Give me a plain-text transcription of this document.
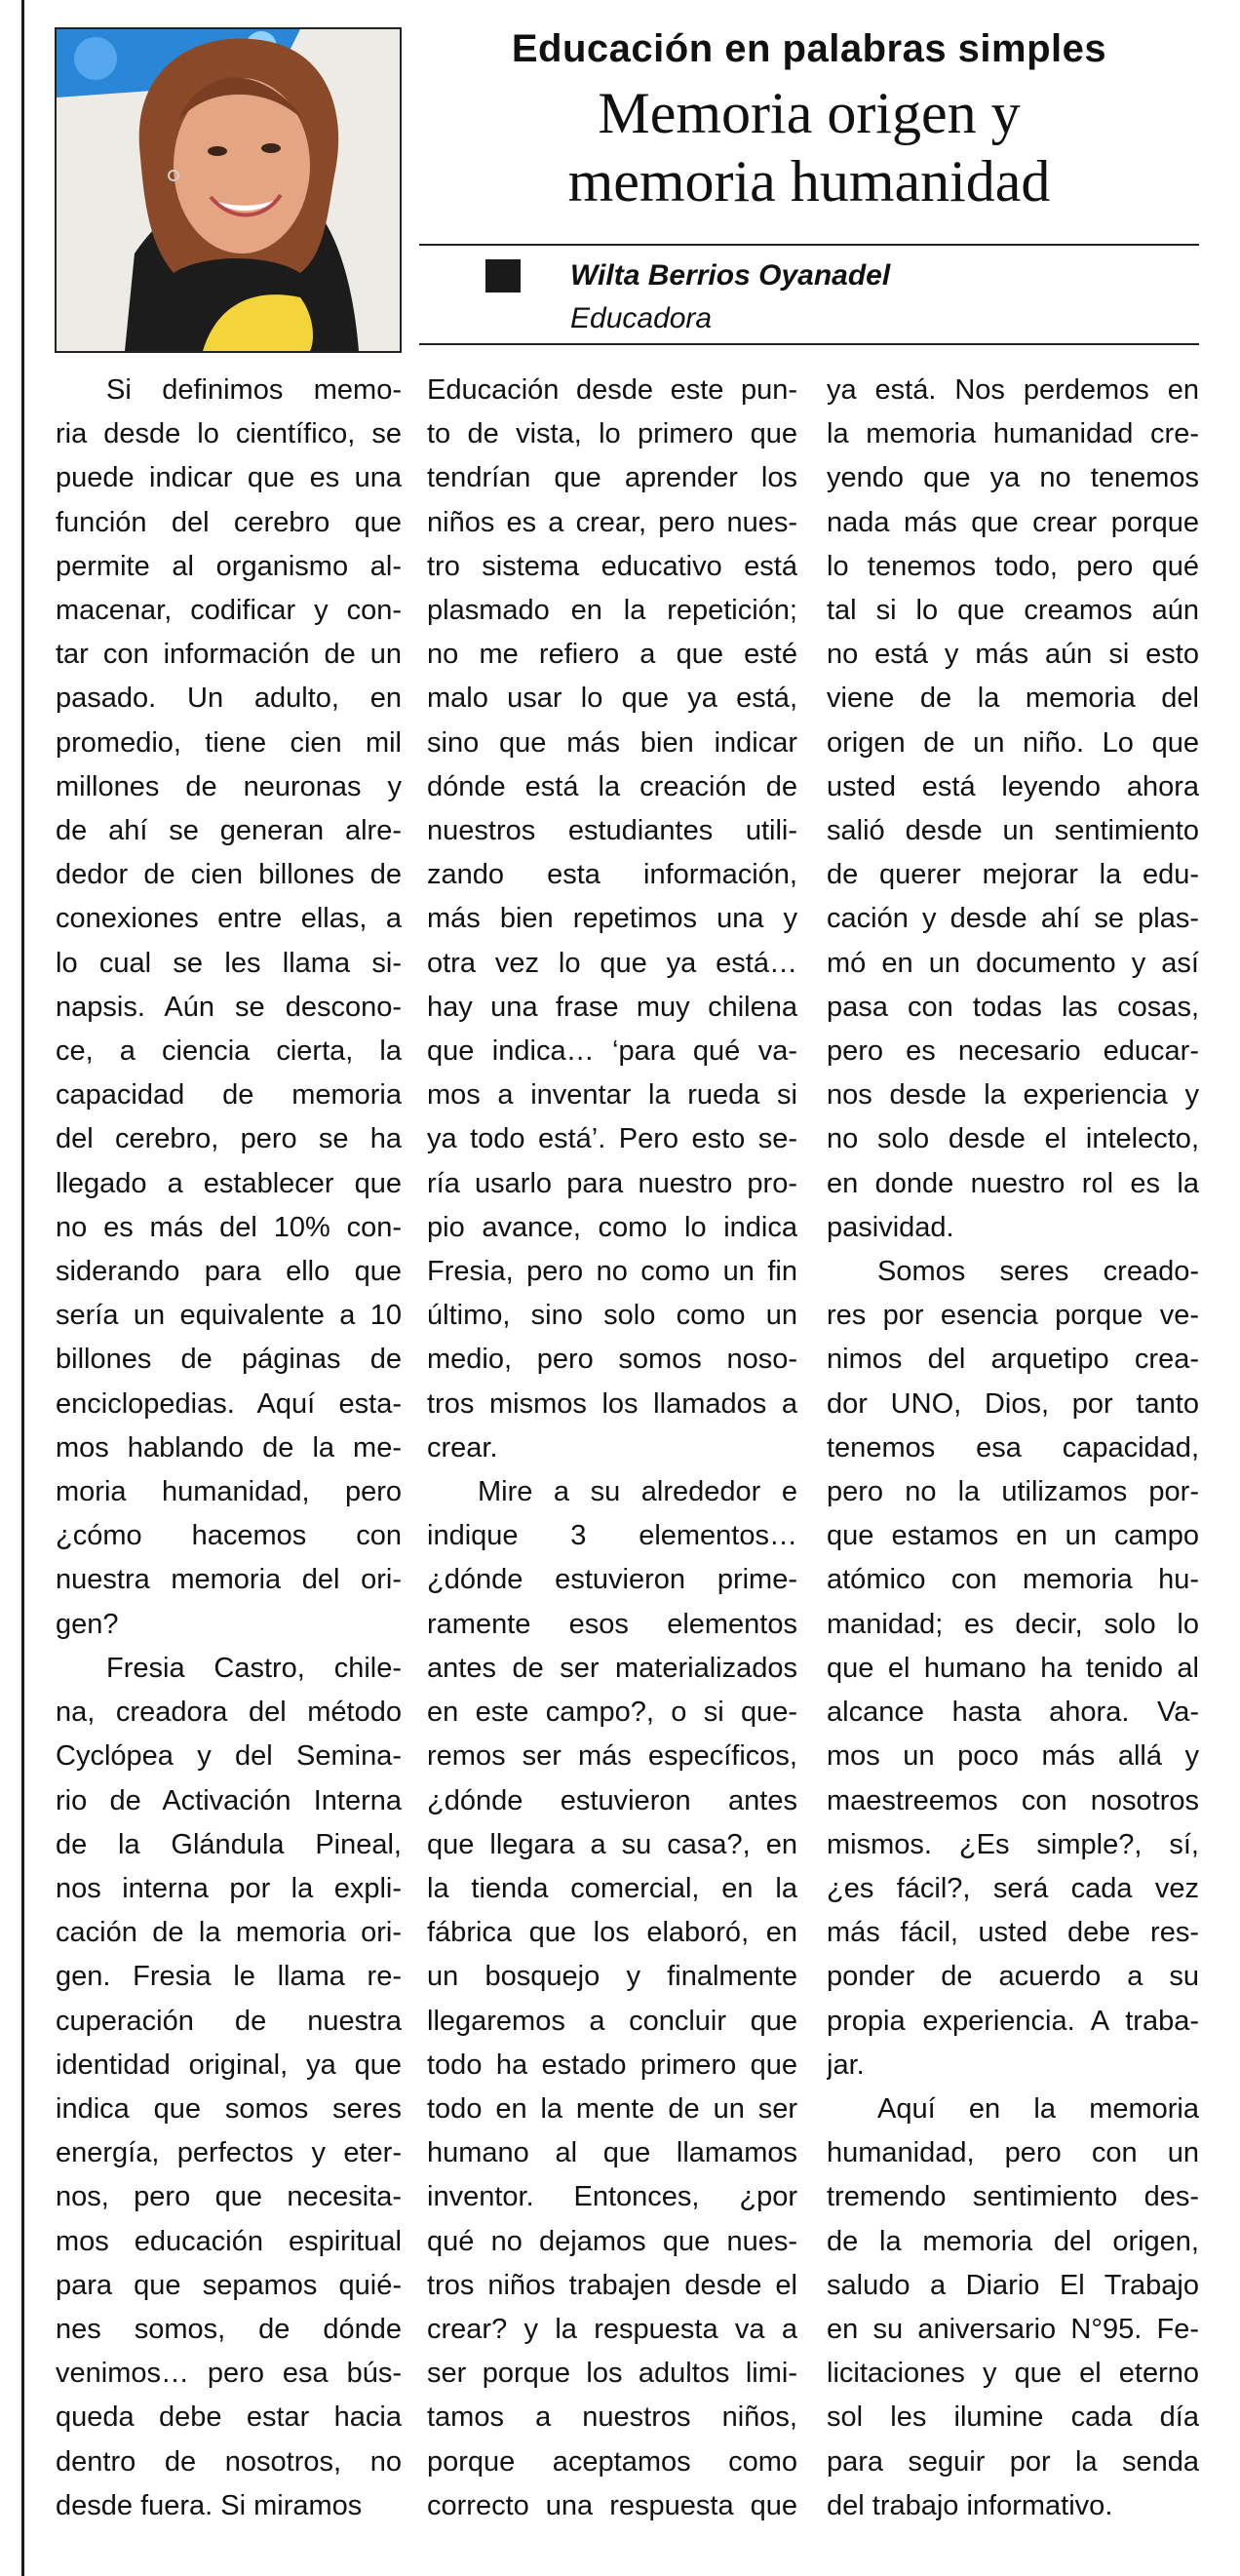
Educación en palabras simples
Memoria origen y
memoria humanidad
Wilta Berrios Oyanadel
Educadora
Si definimos memo-
ria desde lo científico, se
puede indicar que es una
función del cerebro que
permite al organismo al-
macenar, codificar y con-
tar con información de un
pasado. Un adulto, en
promedio, tiene cien mil
millones de neuronas y
de ahí se generan alre-
dedor de cien billones de
conexiones entre ellas, a
lo cual se les llama si-
napsis. Aún se descono-
ce, a ciencia cierta, la
capacidad de memoria
del cerebro, pero se ha
llegado a establecer que
no es más del 10% con-
siderando para ello que
sería un equivalente a 10
billones de páginas de
enciclopedias. Aquí esta-
mos hablando de la me-
moria humanidad, pero
¿cómo hacemos con
nuestra memoria del ori-
gen?
Fresia Castro, chile-
na, creadora del método
Cyclópea y del Semina-
rio de Activación Interna
de la Glándula Pineal,
nos interna por la expli-
cación de la memoria ori-
gen. Fresia le llama re-
cuperación de nuestra
identidad original, ya que
indica que somos seres
energía, perfectos y eter-
nos, pero que necesita-
mos educación espiritual
para que sepamos quié-
nes somos, de dónde
venimos… pero esa bús-
queda debe estar hacia
dentro de nosotros, no
desde fuera. Si miramos
Educación desde este pun-
to de vista, lo primero que
tendrían que aprender los
niños es a crear, pero nues-
tro sistema educativo está
plasmado en la repetición;
no me refiero a que esté
malo usar lo que ya está,
sino que más bien indicar
dónde está la creación de
nuestros estudiantes utili-
zando esta información,
más bien repetimos una y
otra vez lo que ya está…
hay una frase muy chilena
que indica… ‘para qué va-
mos a inventar la rueda si
ya todo está’. Pero esto se-
ría usarlo para nuestro pro-
pio avance, como lo indica
Fresia, pero no como un fin
último, sino solo como un
medio, pero somos noso-
tros mismos los llamados a
crear.
Mire a su alrededor e
indique 3 elementos…
¿dónde estuvieron prime-
ramente esos elementos
antes de ser materializados
en este campo?, o si que-
remos ser más específicos,
¿dónde estuvieron antes
que llegara a su casa?, en
la tienda comercial, en la
fábrica que los elaboró, en
un bosquejo y finalmente
llegaremos a concluir que
todo ha estado primero que
todo en la mente de un ser
humano al que llamamos
inventor. Entonces, ¿por
qué no dejamos que nues-
tros niños trabajen desde el
crear? y la respuesta va a
ser porque los adultos limi-
tamos a nuestros niños,
porque aceptamos como
correcto una respuesta que
ya está. Nos perdemos en
la memoria humanidad cre-
yendo que ya no tenemos
nada más que crear porque
lo tenemos todo, pero qué
tal si lo que creamos aún
no está y más aún si esto
viene de la memoria del
origen de un niño. Lo que
usted está leyendo ahora
salió desde un sentimiento
de querer mejorar la edu-
cación y desde ahí se plas-
mó en un documento y así
pasa con todas las cosas,
pero es necesario educar-
nos desde la experiencia y
no solo desde el intelecto,
en donde nuestro rol es la
pasividad.
Somos seres creado-
res por esencia porque ve-
nimos del arquetipo crea-
dor UNO, Dios, por tanto
tenemos esa capacidad,
pero no la utilizamos por-
que estamos en un campo
atómico con memoria hu-
manidad; es decir, solo lo
que el humano ha tenido al
alcance hasta ahora. Va-
mos un poco más allá y
maestreemos con nosotros
mismos. ¿Es simple?, sí,
¿es fácil?, será cada vez
más fácil, usted debe res-
ponder de acuerdo a su
propia experiencia. A traba-
jar.
Aquí en la memoria
humanidad, pero con un
tremendo sentimiento des-
de la memoria del origen,
saludo a Diario El Trabajo
en su aniversario N°95. Fe-
licitaciones y que el eterno
sol les ilumine cada día
para seguir por la senda
del trabajo informativo.
